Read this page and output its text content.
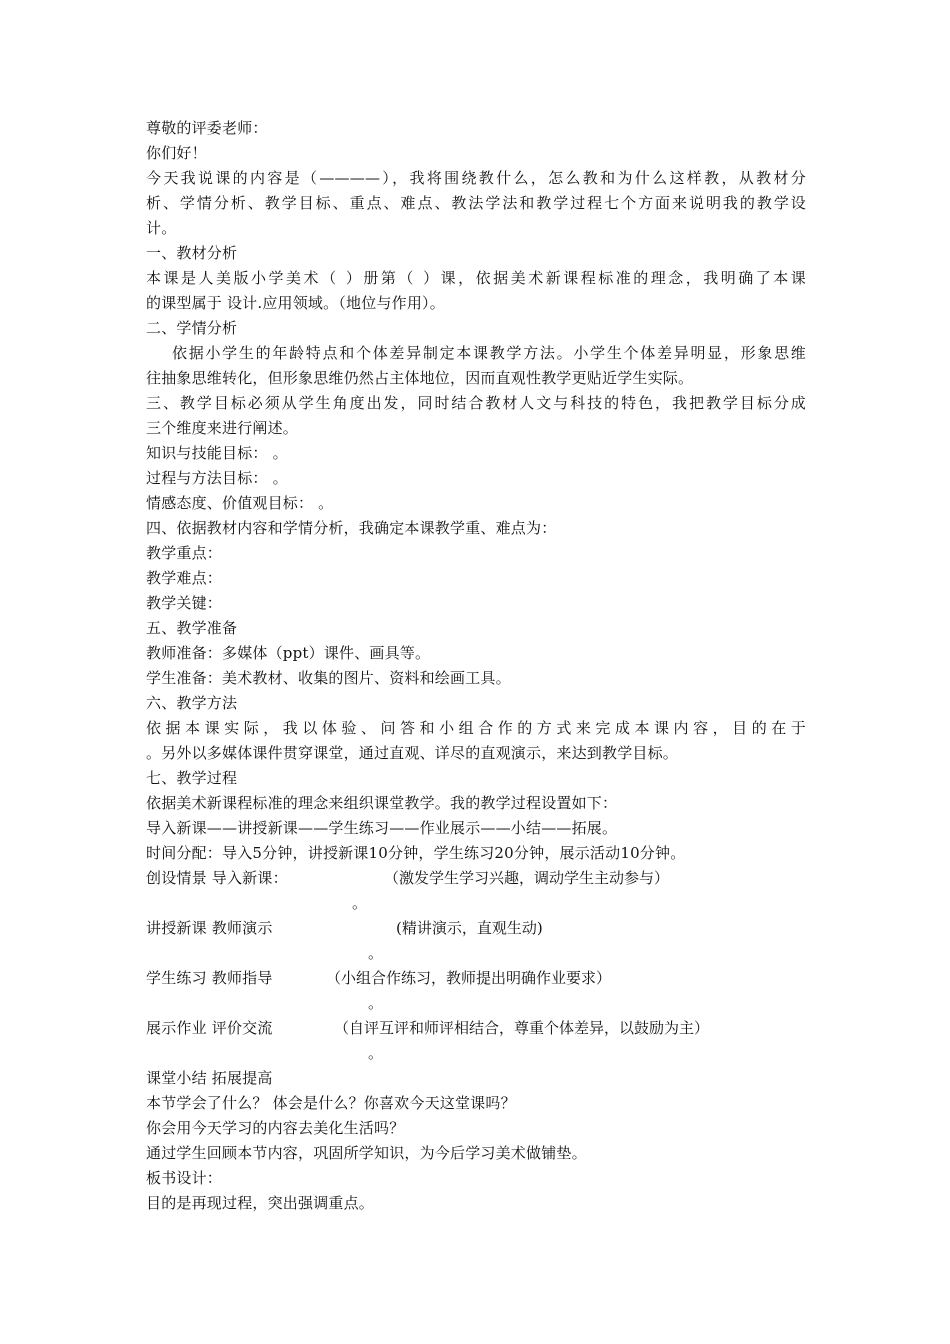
尊敬的评委老师：
你们好！
今天我说课的内容是（————），我将围绕教什么，怎么教和为什么这样教，从教材分
析、学情分析、教学目标、重点、难点、教法学法和教学过程七个方面来说明我的教学设
计。
一、教材分析
本课是人美版小学美术（ ）册第（ ）课，依据美术新课程标准的理念，我明确了本课
的课型属于 设计.应用领域。（地位与作用）。
二、学情分析
依据小学生的年龄特点和个体差异制定本课教学方法。小学生个体差异明显，形象思维
往抽象思维转化，但形象思维仍然占主体地位，因而直观性教学更贴近学生实际。
三、教学目标必须从学生角度出发，同时结合教材人文与科技的特色，我把教学目标分成
三个维度来进行阐述。
知识与技能目标： 。
过程与方法目标： 。
情感态度、价值观目标： 。
四、依据教材内容和学情分析，我确定本课教学重、难点为：
教学重点：
教学难点：
教学关键：
五、教学准备
教师准备：多媒体（ppt）课件、画具等。
学生准备：美术教材、收集的图片、资料和绘画工具。
六、教学方法
依据本课实际，我以体验、问答和小组合作的方式来完成本课内容，目的在于
。另外以多媒体课件贯穿课堂，通过直观、详尽的直观演示，来达到教学目标。
七、教学过程
依据美术新课程标准的理念来组织课堂教学。我的教学过程设置如下：
导入新课——讲授新课——学生练习——作业展示——小结——拓展。
时间分配：导入5分钟，讲授新课10分钟，学生练习20分钟，展示活动10分钟。
创设情景 导入新课：	（激发学生学习兴趣，调动学生主动参与）
。
讲授新课 教师演示	(精讲演示，直观生动)
。
学生练习 教师指导	（小组合作练习，教师提出明确作业要求）
。
展示作业 评价交流	（自评互评和师评相结合，尊重个体差异，以鼓励为主）
。
课堂小结 拓展提高
本节学会了什么？ 体会是什么？你喜欢今天这堂课吗？
你会用今天学习的内容去美化生活吗？
通过学生回顾本节内容，巩固所学知识，为今后学习美术做铺垫。
板书设计：
目的是再现过程，突出强调重点。
